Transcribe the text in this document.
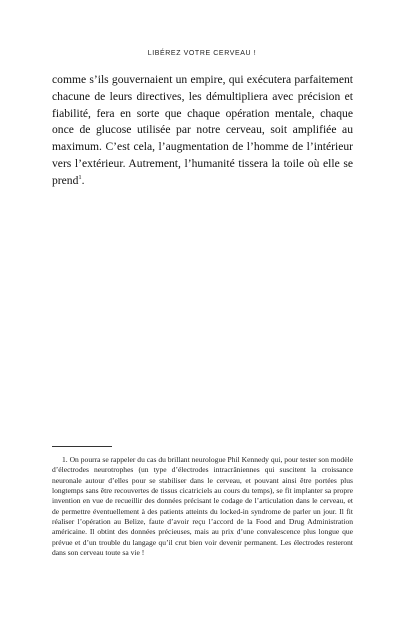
LIBÉREZ VOTRE CERVEAU !

comme s’ils gouvernaient un empire, qui exécutera parfaitement chacune de leurs directives, les démultipliera avec précision et fiabilité, fera en sorte que chaque opération mentale, chaque once de glucose utilisée par notre cerveau, soit amplifiée au maximum. C’est cela, l’augmentation de l’homme de l’intérieur vers l’extérieur. Autrement, l’humanité tissera la toile où elle se prend$^1$.

1. On pourra se rappeler du cas du brillant neurologue Phil Kennedy qui, pour tester son modèle d’électrodes neurotrophes (un type d’électrodes intracrâniennes qui suscitent la croissance neuronale autour d’elles pour se stabiliser dans le cerveau, et pouvant ainsi être portées plus longtemps sans être recouvertes de tissus cicatriciels au cours du temps), se fit implanter sa propre invention en vue de recueillir des données précisant le codage de l’articulation dans le cerveau, et de permettre éventuellement à des patients atteints du locked-in syndrome de parler un jour. Il fit réaliser l’opération au Belize, faute d’avoir reçu l’accord de la Food and Drug Administration américaine. Il obtint des données précieuses, mais au prix d’une convalescence plus longue que prévue et d’un trouble du langage qu’il crut bien voir devenir permanent. Les électrodes resteront dans son cerveau toute sa vie !
